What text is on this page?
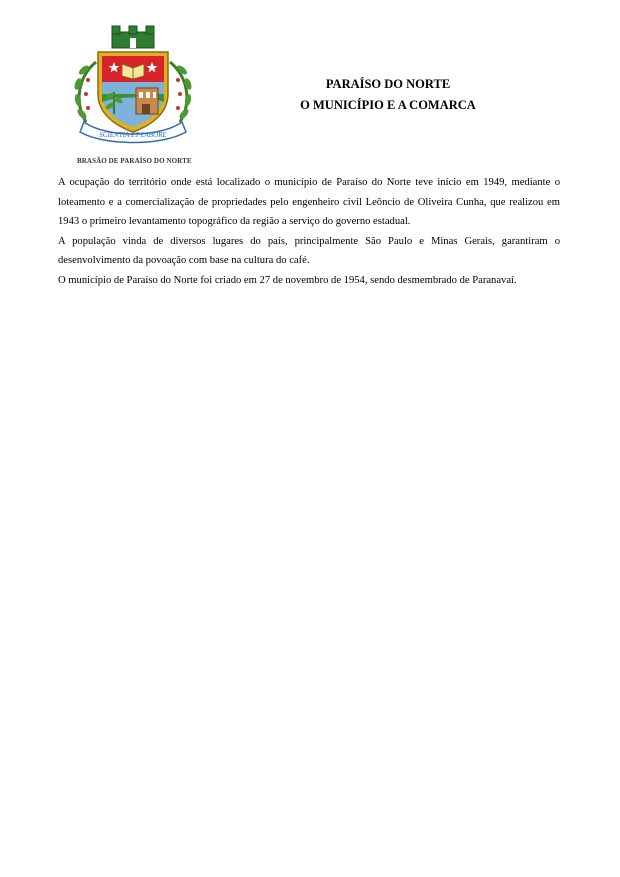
SCIENTIA ET LABORE
BRASÃO DE PARAÍSO DO NORTE
PARAÍSO DO NORTE
O MUNICÍPIO E A COMARCA

A ocupação do território onde está localizado o município de Paraíso do Norte teve início em 1949, mediante o loteamento e a comercialização de propriedades pelo engenheiro civil Leôncio de Oliveira Cunha, que realizou em 1943 o primeiro levantamento topográfico da região a serviço do governo estadual.

A população vinda de diversos lugares do país, principalmente São Paulo e Minas Gerais, garantiram o desenvolvimento da povoação com base na cultura do café.

O município de Paraíso do Norte foi criado em 27 de novembro de 1954, sendo desmembrado de Paranavaí.
